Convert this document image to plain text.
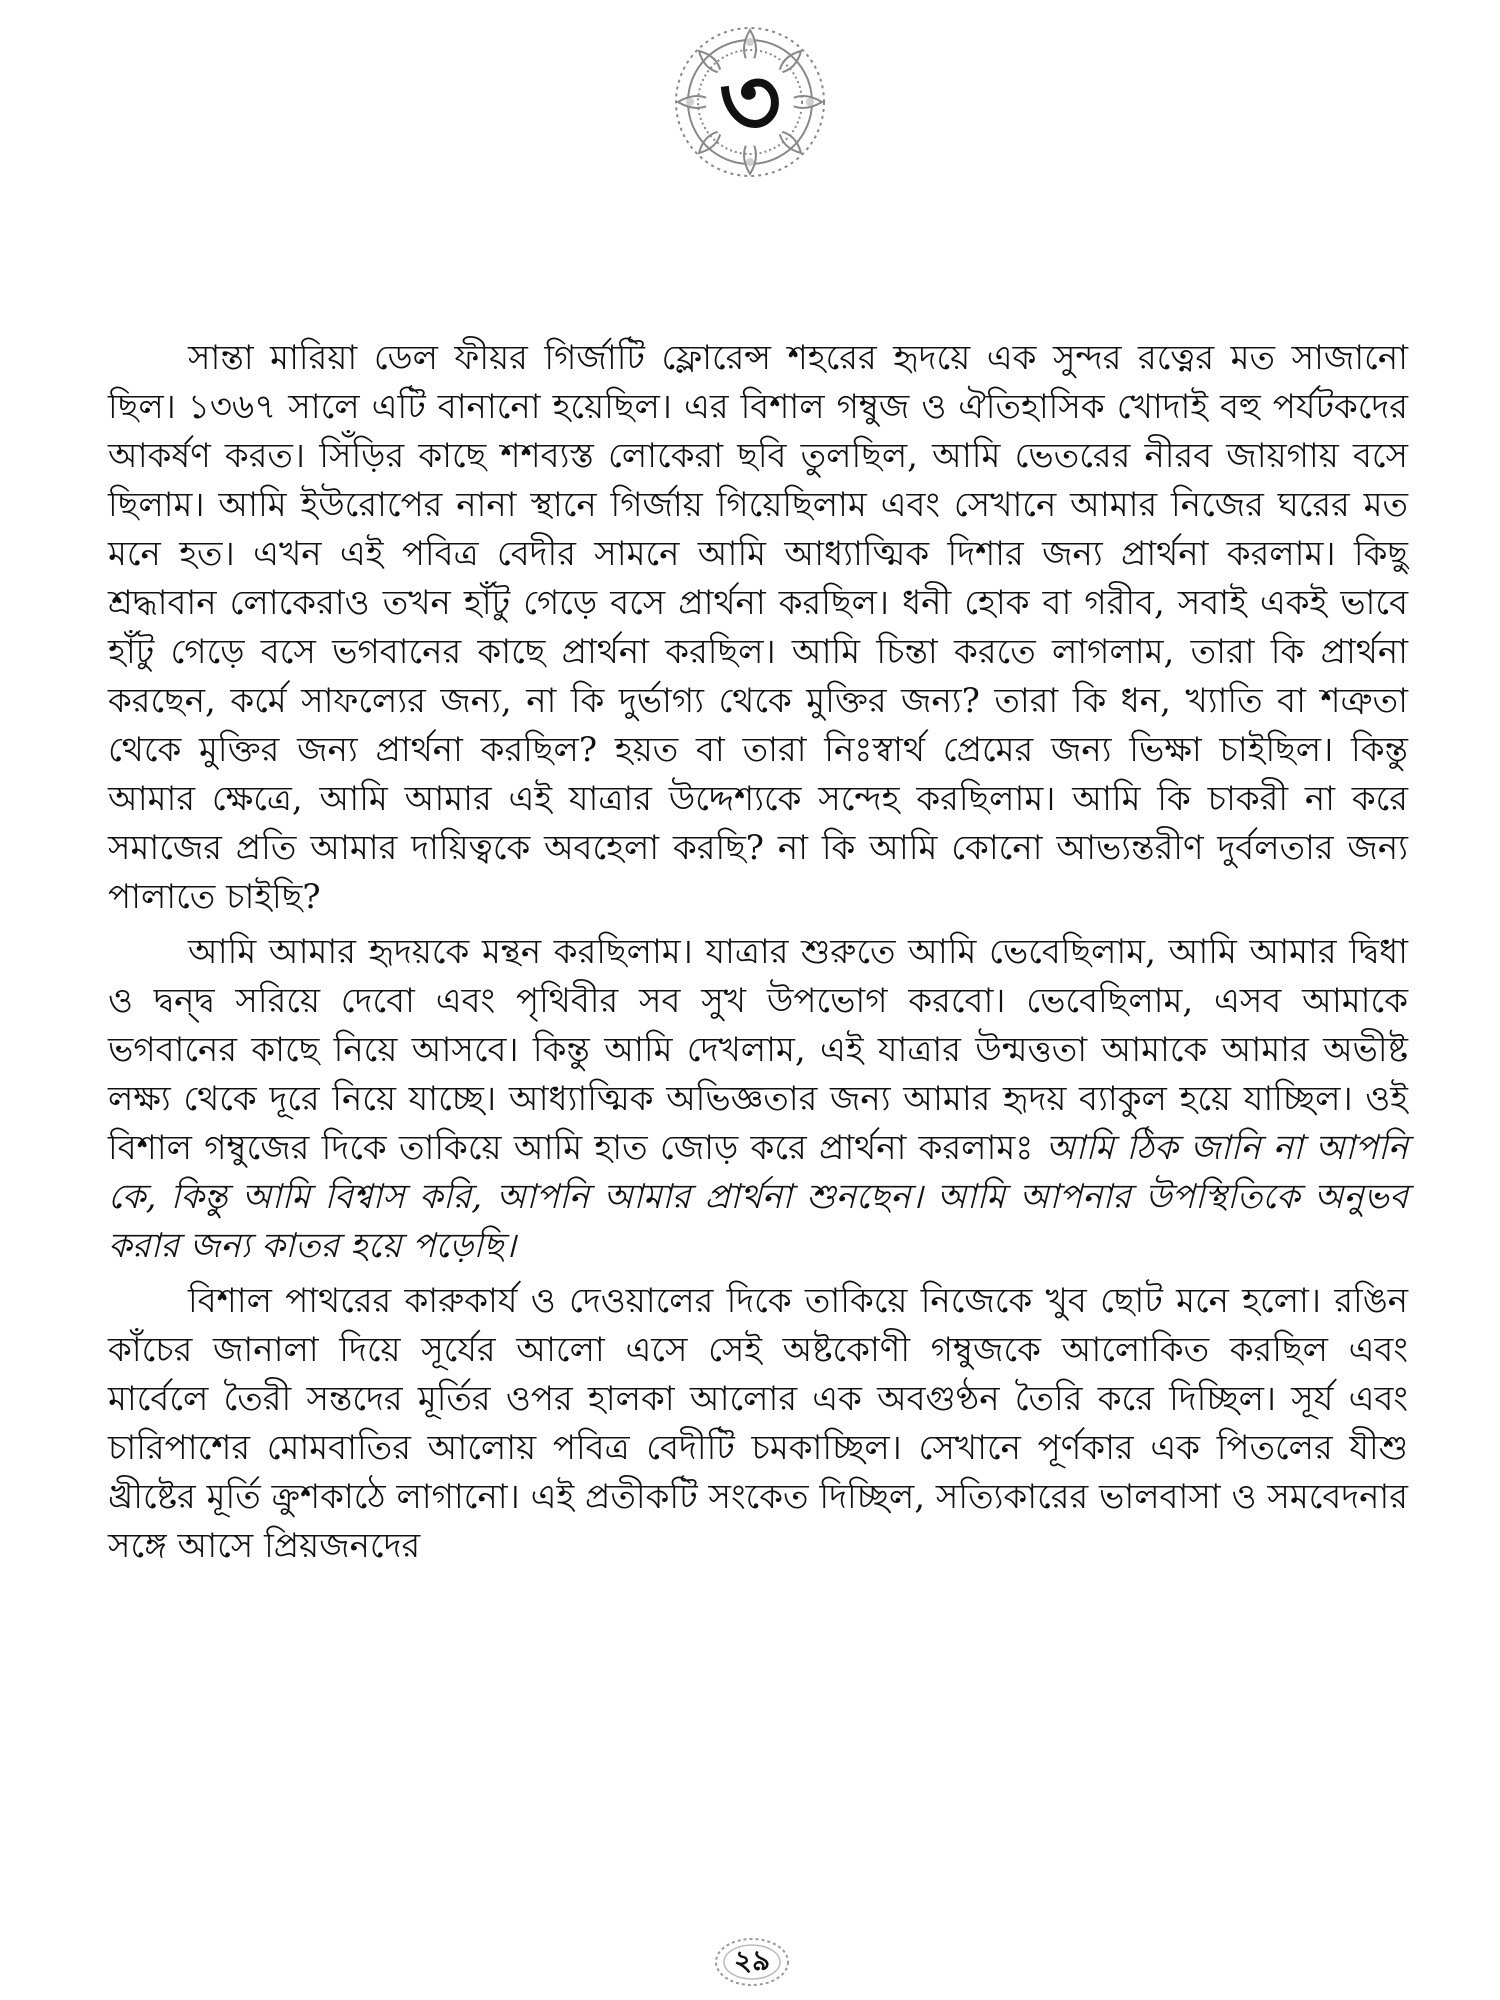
৩

সান্তা মারিয়া ডেল ফীয়র গির্জাটি ফ্লোরেন্স শহরের হৃদয়ে এক সুন্দর রত্নের মত সাজানো ছিল। ১৩৬৭ সালে এটি বানানো হয়েছিল। এর বিশাল গম্বুজ ও ঐতিহাসিক খোদাই বহু পর্যটকদের আকর্ষণ করত। সিঁড়ির কাছে শশব্যস্ত লোকেরা ছবি তুলছিল, আমি ভেতরের নীরব জায়গায় বসে ছিলাম। আমি ইউরোপের নানা স্থানে গির্জায় গিয়েছিলাম এবং সেখানে আমার নিজের ঘরের মত মনে হত। এখন এই পবিত্র বেদীর সামনে আমি আধ্যাত্মিক দিশার জন্য প্রার্থনা করলাম। কিছু শ্রদ্ধাবান লোকেরাও তখন হাঁটু গেড়ে বসে প্রার্থনা করছিল। ধনী হোক বা গরীব, সবাই একই ভাবে হাঁটু গেড়ে বসে ভগবানের কাছে প্রার্থনা করছিল। আমি চিন্তা করতে লাগলাম, তারা কি প্রার্থনা করছেন, কর্মে সাফল্যের জন্য, না কি দুর্ভাগ্য থেকে মুক্তির জন্য? তারা কি ধন, খ্যাতি বা শত্রুতা থেকে মুক্তির জন্য প্রার্থনা করছিল? হয়ত বা তারা নিঃস্বার্থ প্রেমের জন্য ভিক্ষা চাইছিল। কিন্তু আমার ক্ষেত্রে, আমি আমার এই যাত্রার উদ্দেশ্যকে সন্দেহ করছিলাম। আমি কি চাকরী না করে সমাজের প্রতি আমার দায়িত্বকে অবহেলা করছি? না কি আমি কোনো আভ্যন্তরীণ দুর্বলতার জন্য পালাতে চাইছি?

আমি আমার হৃদয়কে মন্থন করছিলাম। যাত্রার শুরুতে আমি ভেবেছিলাম, আমি আমার দ্বিধা ও দ্বন্দ্ব সরিয়ে দেবো এবং পৃথিবীর সব সুখ উপভোগ করবো। ভেবেছিলাম, এসব আমাকে ভগবানের কাছে নিয়ে আসবে। কিন্তু আমি দেখলাম, এই যাত্রার উন্মত্ততা আমাকে আমার অভীষ্ট লক্ষ্য থেকে দূরে নিয়ে যাচ্ছে। আধ্যাত্মিক অভিজ্ঞতার জন্য আমার হৃদয় ব্যাকুল হয়ে যাচ্ছিল। ওই বিশাল গম্বুজের দিকে তাকিয়ে আমি হাত জোড় করে প্রার্থনা করলামঃ আমি ঠিক জানি না আপনি কে, কিন্তু আমি বিশ্বাস করি, আপনি আমার প্রার্থনা শুনছেন। আমি আপনার উপস্থিতিকে অনুভব করার জন্য কাতর হয়ে পড়েছি।

বিশাল পাথরের কারুকার্য ও দেওয়ালের দিকে তাকিয়ে নিজেকে খুব ছোট মনে হলো। রঙিন কাঁচের জানালা দিয়ে সূর্যের আলো এসে সেই অষ্টকোণী গম্বুজকে আলোকিত করছিল এবং মার্বেলে তৈরী সন্তদের মূর্তির ওপর হালকা আলোর এক অবগুণ্ঠন তৈরি করে দিচ্ছিল। সূর্য এবং চারিপাশের মোমবাতির আলোয় পবিত্র বেদীটি চমকাচ্ছিল। সেখানে পূর্ণকার এক পিতলের যীশু খ্রীষ্টের মূর্তি ক্রুশকাঠে লাগানো। এই প্রতীকটি সংকেত দিচ্ছিল, সত্যিকারের ভালবাসা ও সমবেদনার সঙ্গে আসে প্রিয়জনদের

২৯
